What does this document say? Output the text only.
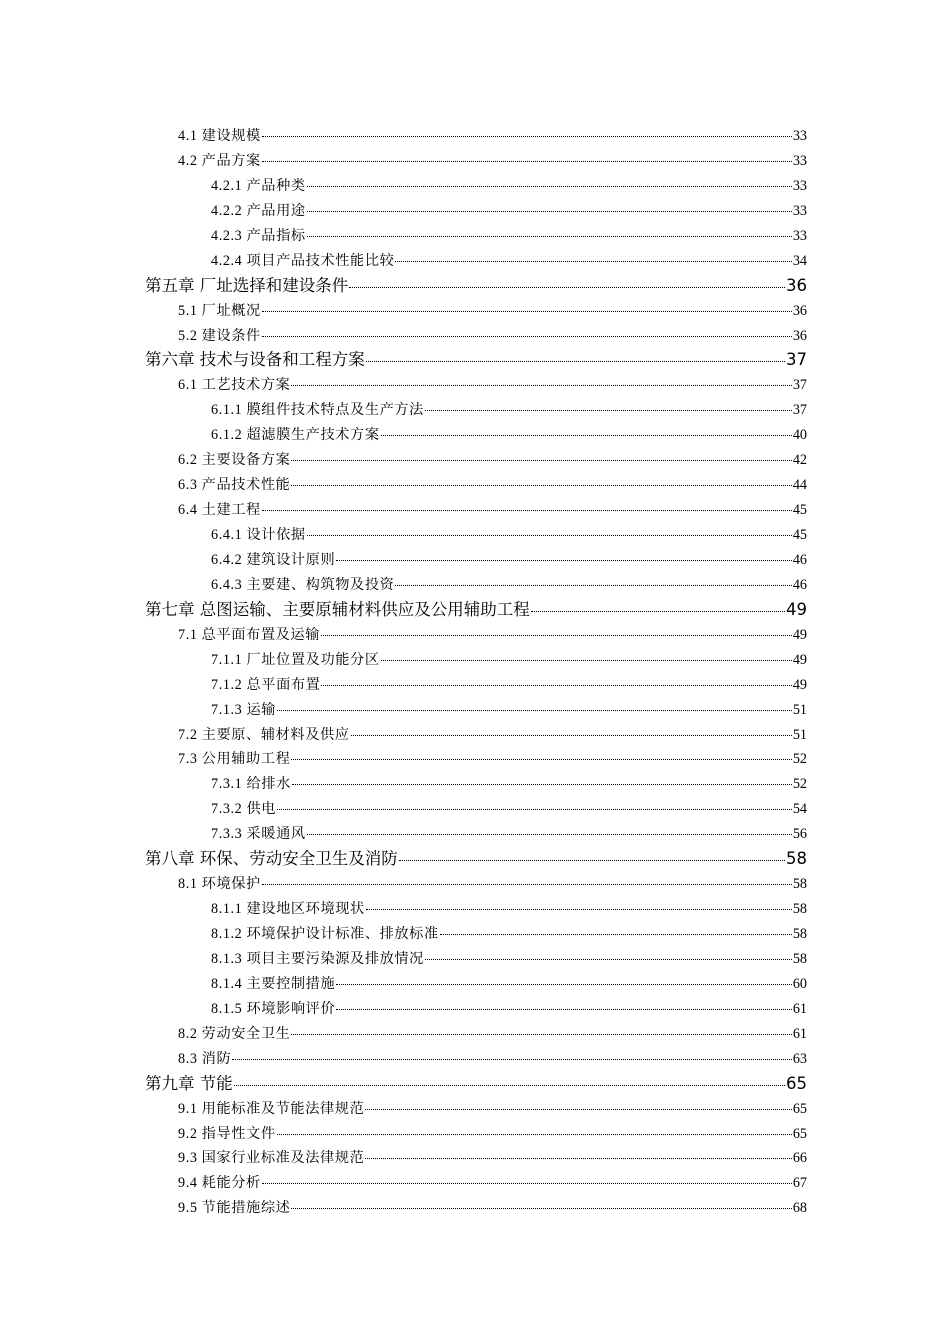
4.1 建设规模	33
4.2 产品方案	33
4.2.1 产品种类	33
4.2.2 产品用途	33
4.2.3 产品指标	33
4.2.4 项目产品技术性能比较	34
第五章 厂址选择和建设条件	36
5.1 厂址概况	36
5.2 建设条件	36
第六章 技术与设备和工程方案	37
6.1 工艺技术方案	37
6.1.1 膜组件技术特点及生产方法	37
6.1.2 超滤膜生产技术方案	40
6.2 主要设备方案	42
6.3 产品技术性能	44
6.4 土建工程	45
6.4.1 设计依据	45
6.4.2 建筑设计原则	46
6.4.3 主要建、构筑物及投资	46
第七章 总图运输、主要原辅材料供应及公用辅助工程	49
7.1 总平面布置及运输	49
7.1.1 厂址位置及功能分区	49
7.1.2 总平面布置	49
7.1.3 运输	51
7.2 主要原、辅材料及供应	51
7.3 公用辅助工程	52
7.3.1 给排水	52
7.3.2 供电	54
7.3.3 采暖通风	56
第八章 环保、劳动安全卫生及消防	58
8.1 环境保护	58
8.1.1 建设地区环境现状	58
8.1.2 环境保护设计标准、排放标准	58
8.1.3 项目主要污染源及排放情况	58
8.1.4 主要控制措施	60
8.1.5 环境影响评价	61
8.2 劳动安全卫生	61
8.3 消防	63
第九章 节能	65
9.1 用能标准及节能法律规范	65
9.2 指导性文件	65
9.3 国家行业标准及法律规范	66
9.4 耗能分析	67
9.5 节能措施综述	68
